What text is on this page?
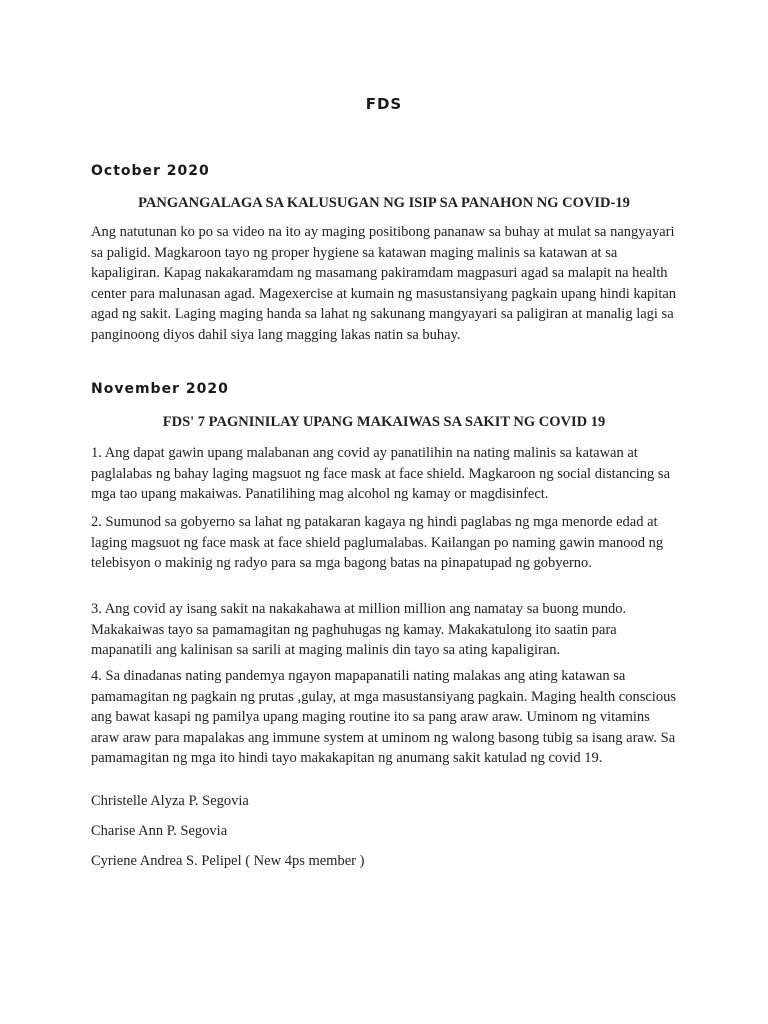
FDS
October 2020
PANGANGALAGA SA KALUSUGAN NG ISIP SA PANAHON NG COVID-19

Ang natutunan ko po sa video na ito ay maging positibong pananaw sa buhay at mulat sa nangyayari sa paligid. Magkaroon tayo ng proper hygiene sa katawan maging malinis sa katawan at sa kapaligiran. Kapag nakakaramdam ng masamang pakiramdam magpasuri agad sa malapit na health center para malunasan agad. Magexercise at kumain ng masustansiyang pagkain upang hindi kapitan agad ng sakit. Laging maging handa sa lahat ng sakunang mangyayari sa paligiran at manalig lagi sa panginoong diyos dahil siya lang magging lakas natin sa buhay.

November 2020
FDS' 7 PAGNINILAY UPANG MAKAIWAS SA SAKIT NG COVID 19

1. Ang dapat gawin upang malabanan ang covid ay panatilihin na nating malinis sa katawan at paglalabas ng bahay laging magsuot ng face mask at face shield. Magkaroon ng social distancing sa mga tao upang makaiwas. Panatilihing mag alcohol ng kamay or magdisinfect.

2. Sumunod sa gobyerno sa lahat ng patakaran kagaya ng hindi paglabas ng mga menorde edad at laging magsuot ng face mask at face shield paglumalabas. Kailangan po naming gawin manood ng telebisyon o makinig ng radyo para sa mga bagong batas na pinapatupad ng gobyerno.

3. Ang covid ay isang sakit na nakakahawa at million million ang namatay sa buong mundo. Makakaiwas tayo sa pamamagitan ng paghuhugas ng kamay. Makakatulong ito saatin para mapanatili ang kalinisan sa sarili at maging malinis din tayo sa ating kapaligiran.

4. Sa dinadanas nating pandemya ngayon mapapanatili nating malakas ang ating katawan sa pamamagitan ng pagkain ng prutas ,gulay, at mga masustansiyang pagkain. Maging health conscious ang bawat kasapi ng pamilya upang maging routine ito sa pang araw araw. Uminom ng vitamins araw araw para mapalakas ang immune system at uminom ng walong basong tubig sa isang araw. Sa pamamagitan ng mga ito hindi tayo makakapitan ng anumang sakit katulad ng covid 19.

Christelle Alyza P. Segovia

Charise Ann P. Segovia

Cyriene Andrea S. Pelipel ( New 4ps member )
